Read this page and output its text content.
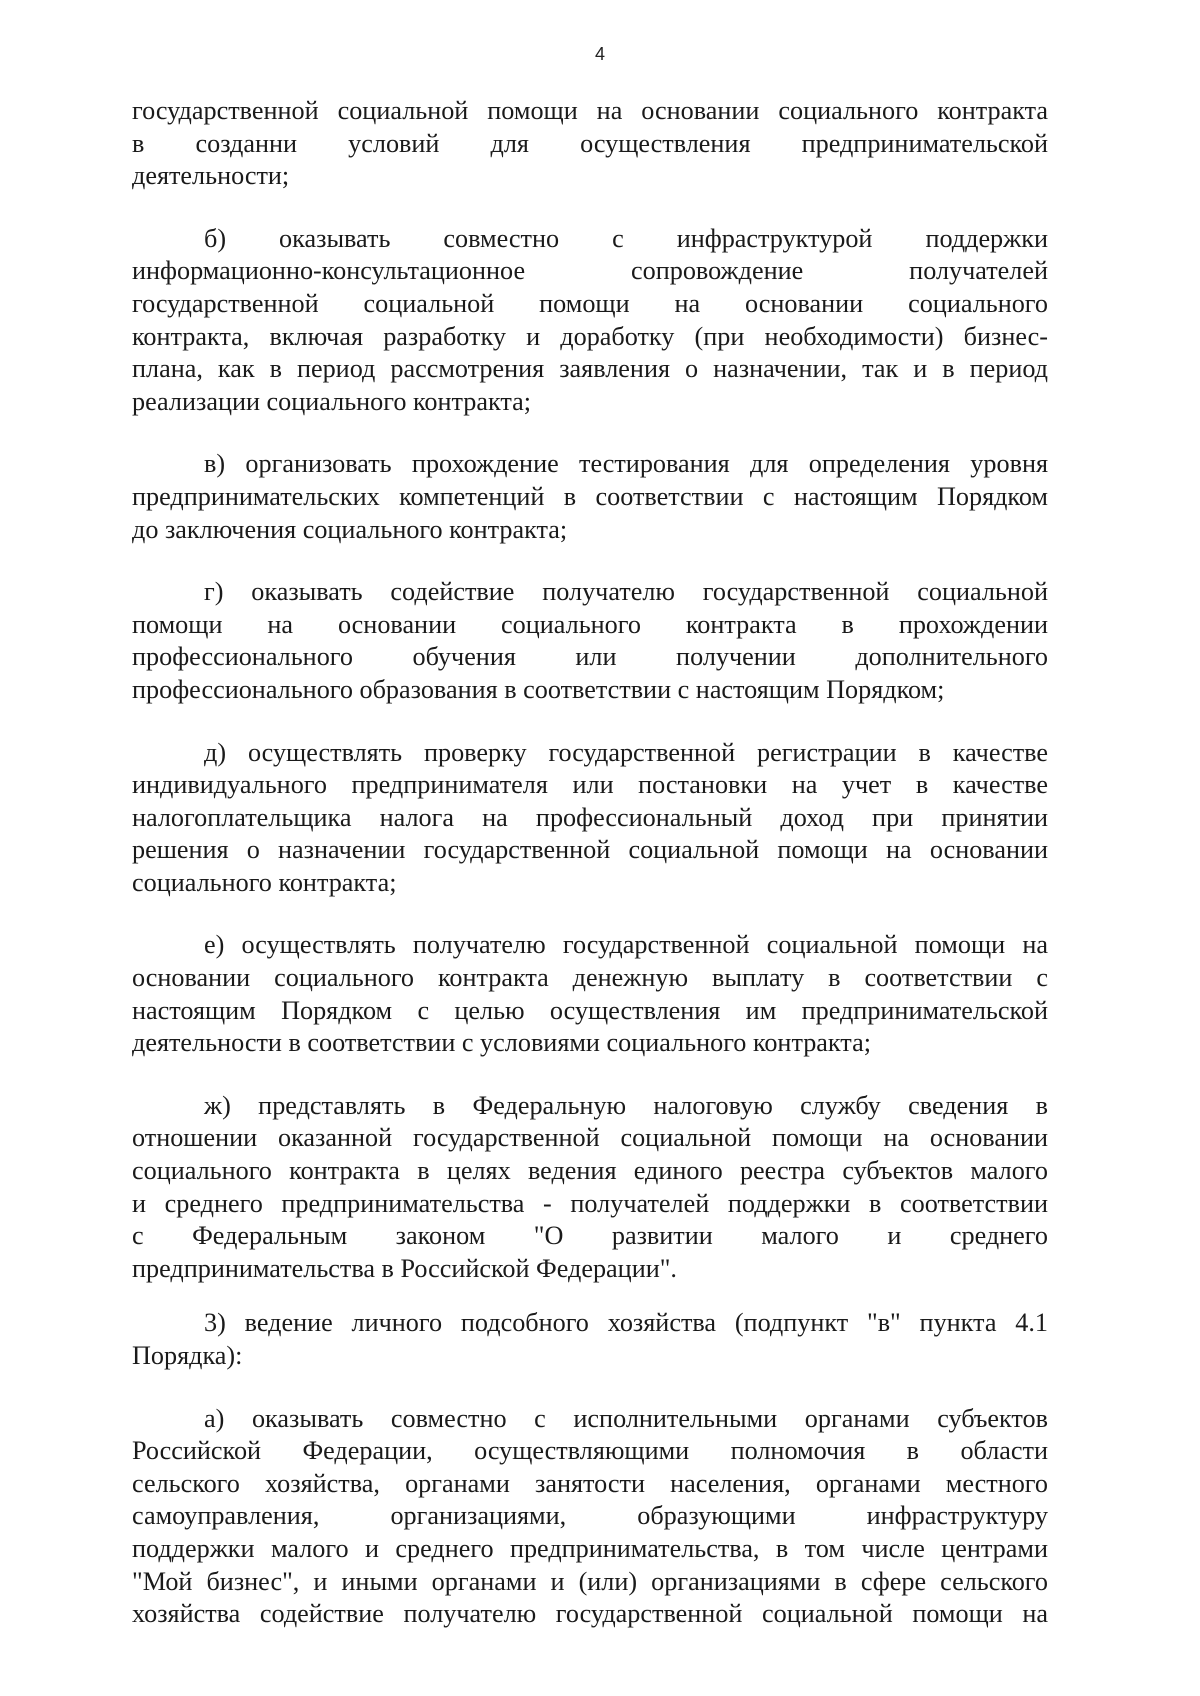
4
государственной социальной помощи на основании социального контракта
в созданни условий для осуществления предпринимательской
деятельности;
б) оказывать совместно с инфраструктурой поддержки
информационно-консультационное сопровождение получателей
государственной социальной помощи на основании социального
контракта, включая разработку и доработку (при необходимости) бизнес-
плана, как в период рассмотрения заявления о назначении, так и в период
реализации социального контракта;
в) организовать прохождение тестирования для определения уровня
предпринимательских компетенций в соответствии с настоящим Порядком
до заключения социального контракта;
г) оказывать содействие получателю государственной социальной
помощи на основании социального контракта в прохождении
профессионального обучения или получении дополнительного
профессионального образования в соответствии с настоящим Порядком;
д) осуществлять проверку государственной регистрации в качестве
индивидуального предпринимателя или постановки на учет в качестве
налогоплательщика налога на профессиональный доход при принятии
решения о назначении государственной социальной помощи на основании
социального контракта;
е) осуществлять получателю государственной социальной помощи на
основании социального контракта денежную выплату в соответствии с
настоящим Порядком с целью осуществления им предпринимательской
деятельности в соответствии с условиями социального контракта;
ж) представлять в Федеральную налоговую службу сведения в
отношении оказанной государственной социальной помощи на основании
социального контракта в целях ведения единого реестра субъектов малого
и среднего предпринимательства - получателей поддержки в соответствии
с Федеральным законом "О развитии малого и среднего
предпринимательства в Российской Федерации".
3) ведение личного подсобного хозяйства (подпункт "в" пункта 4.1
Порядка):
а) оказывать совместно с исполнительными органами субъектов
Российской Федерации, осуществляющими полномочия в области
сельского хозяйства, органами занятости населения, органами местного
самоуправления, организациями, образующими инфраструктуру
поддержки малого и среднего предпринимательства, в том числе центрами
"Мой бизнес", и иными органами и (или) организациями в сфере сельского
хозяйства содействие получателю государственной социальной помощи на
